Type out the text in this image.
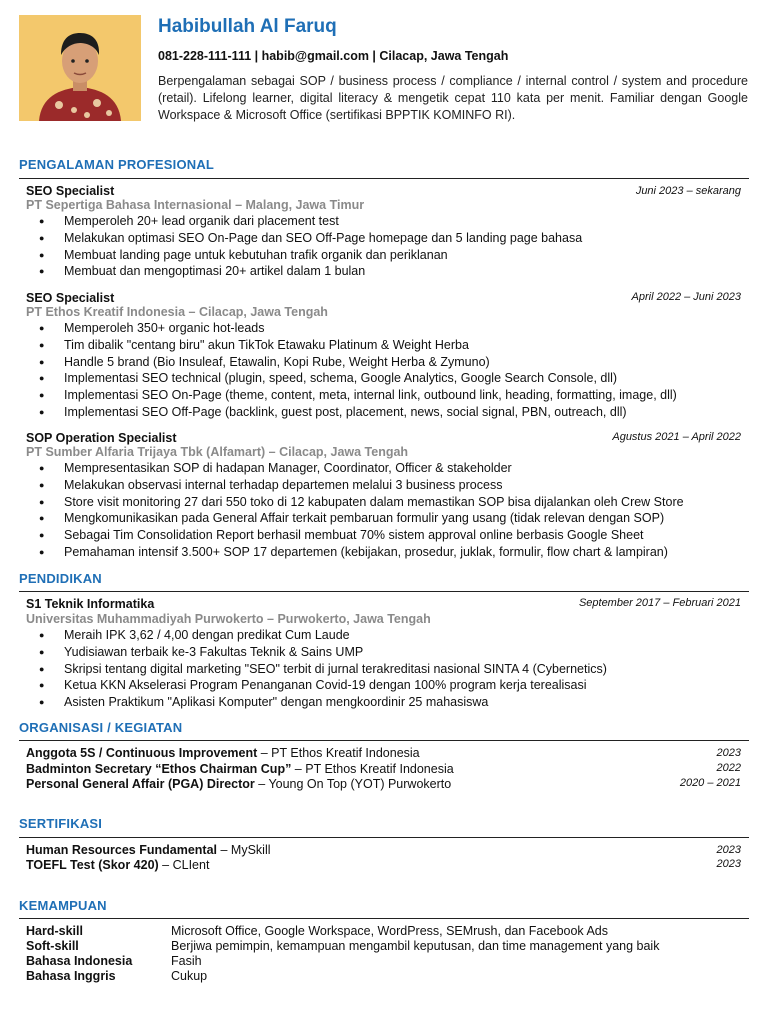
Habibullah Al Faruq
081-228-111-111 | habib@gmail.com | Cilacap, Jawa Tengah
Berpengalaman sebagai SOP / business process / compliance / internal control / system and procedure (retail). Lifelong learner, digital literacy & mengetik cepat 110 kata per menit. Familiar dengan Google Workspace & Microsoft Office (sertifikasi BPPTIK KOMINFO RI).
PENGALAMAN PROFESIONAL
SEO Specialist	Juni 2023 – sekarang
PT Sepertiga Bahasa Internasional – Malang, Jawa Timur
● Memperoleh 20+ lead organik dari placement test
● Melakukan optimasi SEO On-Page dan SEO Off-Page homepage dan 5 landing page bahasa
● Membuat landing page untuk kebutuhan trafik organik dan periklanan
● Membuat dan mengoptimasi 20+ artikel dalam 1 bulan
SEO Specialist	April 2022 – Juni 2023
PT Ethos Kreatif Indonesia – Cilacap, Jawa Tengah
● Memperoleh 350+ organic hot-leads
● Tim dibalik "centang biru" akun TikTok Etawaku Platinum & Weight Herba
● Handle 5 brand (Bio Insuleaf, Etawalin, Kopi Rube, Weight Herba & Zymuno)
● Implementasi SEO technical (plugin, speed, schema, Google Analytics, Google Search Console, dll)
● Implementasi SEO On-Page (theme, content, meta, internal link, outbound link, heading, formatting, image, dll)
● Implementasi SEO Off-Page (backlink, guest post, placement, news, social signal, PBN, outreach, dll)
SOP Operation Specialist	Agustus 2021 – April 2022
PT Sumber Alfaria Trijaya Tbk (Alfamart) – Cilacap, Jawa Tengah
● Mempresentasikan SOP di hadapan Manager, Coordinator, Officer & stakeholder
● Melakukan observasi internal terhadap departemen melalui 3 business process
● Store visit monitoring 27 dari 550 toko di 12 kabupaten dalam memastikan SOP bisa dijalankan oleh Crew Store
● Mengkomunikasikan pada General Affair terkait pembaruan formulir yang usang (tidak relevan dengan SOP)
● Sebagai Tim Consolidation Report berhasil membuat 70% sistem approval online berbasis Google Sheet
● Pemahaman intensif 3.500+ SOP 17 departemen (kebijakan, prosedur, juklak, formulir, flow chart & lampiran)
PENDIDIKAN
S1 Teknik Informatika	September 2017 – Februari 2021
Universitas Muhammadiyah Purwokerto – Purwokerto, Jawa Tengah
● Meraih IPK 3,62 / 4,00 dengan predikat Cum Laude
● Yudisiawan terbaik ke-3 Fakultas Teknik & Sains UMP
● Skripsi tentang digital marketing "SEO" terbit di jurnal terakreditasi nasional SINTA 4 (Cybernetics)
● Ketua KKN Akselerasi Program Penanganan Covid-19 dengan 100% program kerja terealisasi
● Asisten Praktikum "Aplikasi Komputer" dengan mengkoordinir 25 mahasiswa
ORGANISASI / KEGIATAN
Anggota 5S / Continuous Improvement – PT Ethos Kreatif Indonesia	2023
Badminton Secretary “Ethos Chairman Cup” – PT Ethos Kreatif Indonesia	2022
Personal General Affair (PGA) Director – Young On Top (YOT) Purwokerto	2020 – 2021
SERTIFIKASI
Human Resources Fundamental – MySkill	2023
TOEFL Test (Skor 420) – CLIent	2023
KEMAMPUAN
Hard-skill	Microsoft Office, Google Workspace, WordPress, SEMrush, dan Facebook Ads
Soft-skill	Berjiwa pemimpin, kemampuan mengambil keputusan, dan time management yang baik
Bahasa Indonesia	Fasih
Bahasa Inggris	Cukup
